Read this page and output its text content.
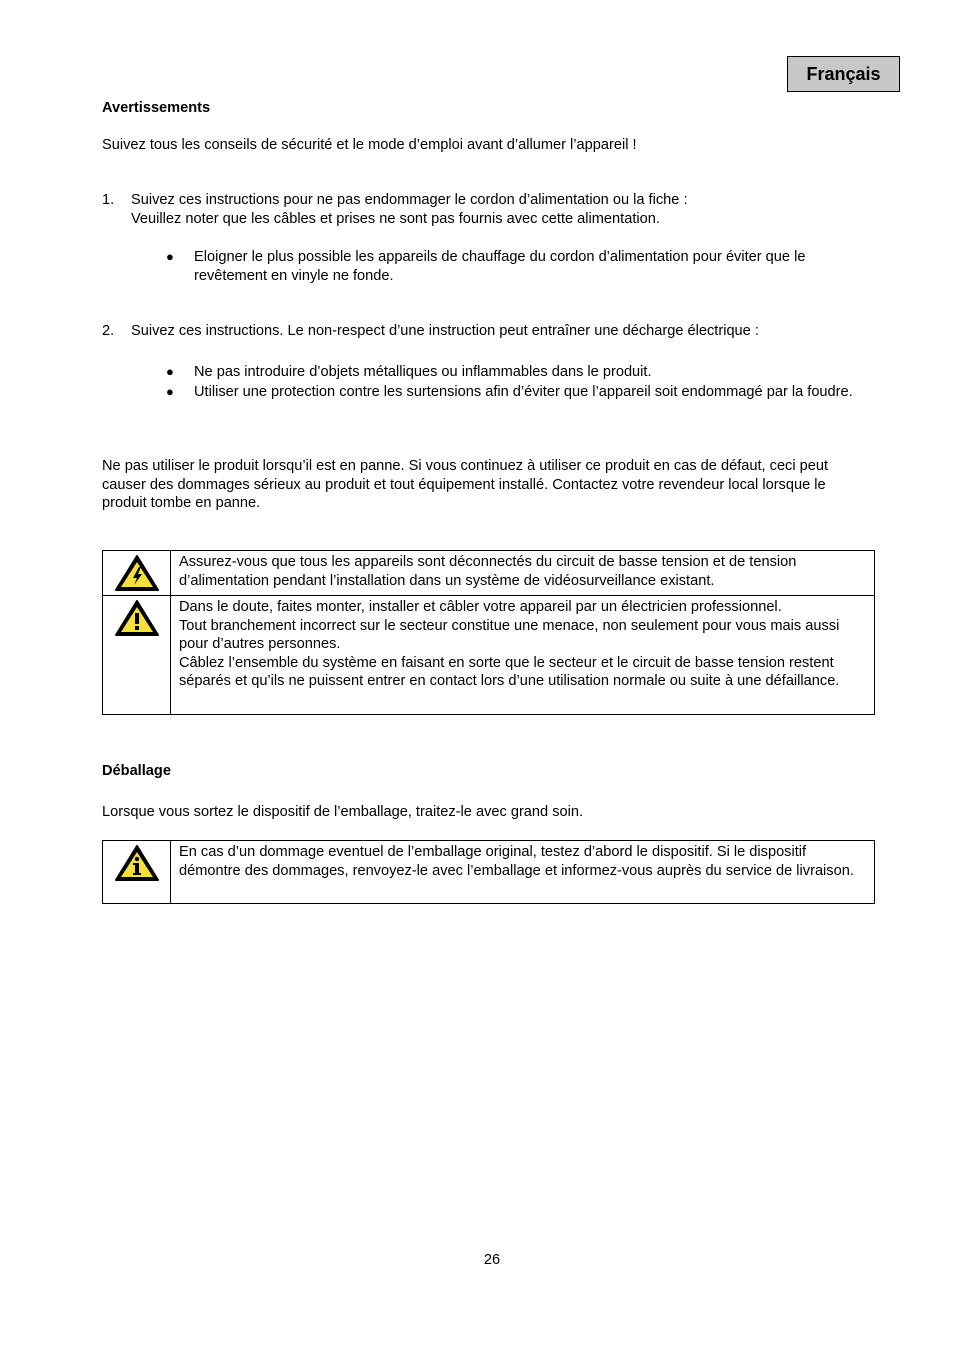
Français
Avertissements
Suivez tous les conseils de sécurité et le mode d’emploi avant d’allumer l’appareil !
1. Suivez ces instructions pour ne pas endommager le cordon d’alimentation ou la fiche :
Veuillez noter que les câbles et prises ne sont pas fournis avec cette alimentation.
● Eloigner le plus possible les appareils de chauffage du cordon d’alimentation pour éviter que le revêtement en vinyle ne fonde.
2. Suivez ces instructions. Le non-respect d’une instruction peut entraîner une décharge électrique :
● Ne pas introduire d’objets métalliques ou inflammables dans le produit.
● Utiliser une protection contre les surtensions afin d’éviter que l’appareil soit endommagé par la foudre.
Ne pas utiliser le produit lorsqu’il est en panne. Si vous continuez à utiliser ce produit en cas de défaut, ceci peut causer des dommages sérieux au produit et tout équipement installé. Contactez votre revendeur local lorsque le produit tombe en panne.
	Assurez-vous que tous les appareils sont déconnectés du circuit de basse tension et de tension d’alimentation pendant l’installation dans un système de vidéosurveillance existant.

Dans le doute, faites monter, installer et câbler votre appareil par un électricien professionnel.
Tout branchement incorrect sur le secteur constitue une menace, non seulement pour vous mais aussi pour d’autres personnes.
Câblez l’ensemble du système en faisant en sorte que le secteur et le circuit de basse tension restent séparés et qu’ils ne puissent entrer en contact lors d’une utilisation normale ou suite à une défaillance.
Déballage
Lorsque vous sortez le dispositif de l’emballage, traitez-le avec grand soin.
	En cas d’un dommage eventuel de l’emballage original, testez d’abord le dispositif. Si le dispositif démontre des dommages, renvoyez-le avec l’emballage et informez-vous auprès du service de livraison.
26
